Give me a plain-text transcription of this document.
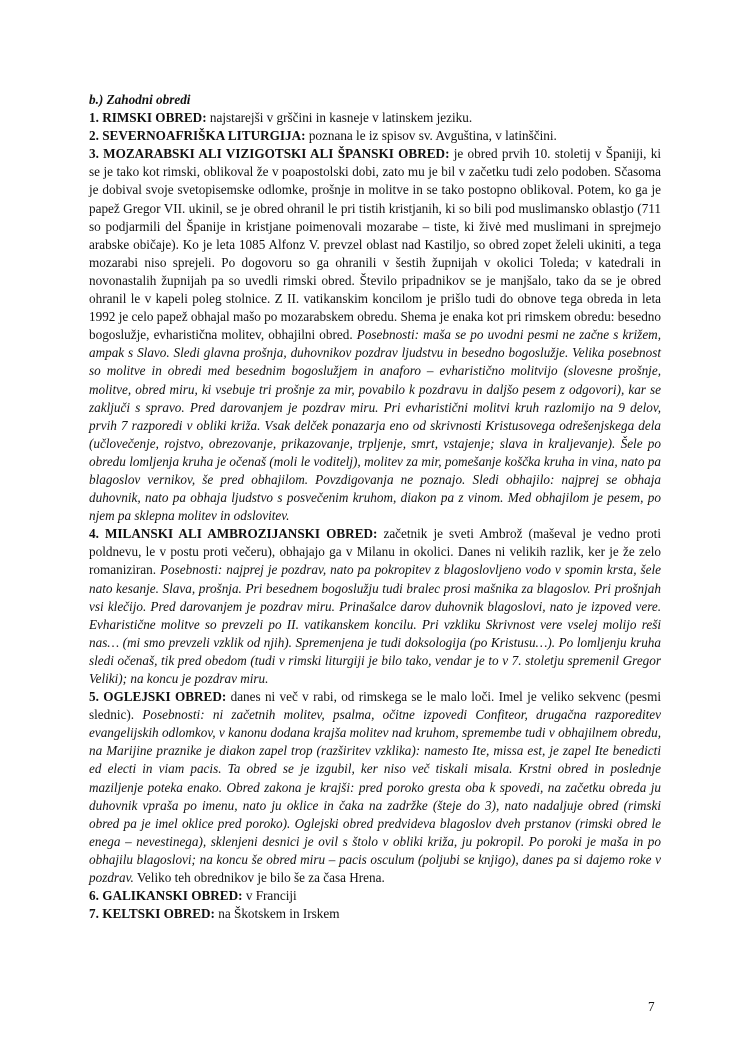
b.) Zahodni obredi

1. RIMSKI OBRED: najstarejši v grščini in kasneje v latinskem jeziku.

2. SEVERNOAFRIŠKA LITURGIJA: poznana le iz spisov sv. Avguština, v latinščini.

3. MOZARABSKI ALI VIZIGOTSKI ALI ŠPANSKI OBRED: je obred prvih 10. stoletij v Španiji, ki se je tako kot rimski, oblikoval že v poapostolski dobi, zato mu je bil v začetku tudi zelo podoben. Sčasoma je dobival svoje svetopisemske odlomke, prošnje in molitve in se tako postopno oblikoval. Potem, ko ga je papež Gregor VII. ukinil, se je obred ohranil le pri tistih kristjanih, ki so bili pod muslimansko oblastjo (711 so podjarmili del Španije in kristjane poimenovali mozarabe – tiste, ki živė med muslimani in sprejmejo arabske običaje). Ko je leta 1085 Alfonz V. prevzel oblast nad Kastiljo, so obred zopet želeli ukiniti, a tega mozarabi niso sprejeli. Po dogovoru so ga ohranili v šestih župnijah v okolici Toleda; v katedrali in novonastalih župnijah pa so uvedli rimski obred. Število pripadnikov se je manjšalo, tako da se je obred ohranil le v kapeli poleg stolnice. Z II. vatikanskim koncilom je prišlo tudi do obnove tega obreda in leta 1992 je celo papež obhajal mašo po mozarabskem obredu. Shema je enaka kot pri rimskem obredu: besedno bogoslužje, evharistična molitev, obhajilni obred. Posebnosti: maša se po uvodni pesmi ne začne s križem, ampak s Slavo. Sledi glavna prošnja, duhovnikov pozdrav ljudstvu in besedno bogoslužje. Velika posebnost so molitve in obredi med besednim bogoslužjem in anaforo – evharistično molitvijo (slovesne prošnje, molitve, obred miru, ki vsebuje tri prošnje za mir, povabilo k pozdravu in daljšo pesem z odgovori), kar se zaključi s spravo. Pred darovanjem je pozdrav miru. Pri evharistični molitvi kruh razlomijo na 9 delov, prvih 7 razporedi v obliki križa. Vsak delček ponazarja eno od skrivnosti Kristusovega odrešenjskega dela (učlovečenje, rojstvo, obrezovanje, prikazovanje, trpljenje, smrt, vstajenje; slava in kraljevanje). Šele po obredu lomljenja kruha je očenaš (moli le voditelj), molitev za mir, pomešanje koščka kruha in vina, nato pa blagoslov vernikov, še pred obhajilom. Povzdigovanja ne poznajo. Sledi obhajilo: najprej se obhaja duhovnik, nato pa obhaja ljudstvo s posvečenim kruhom, diakon pa z vinom. Med obhajilom je pesem, po njem pa sklepna molitev in odslovitev.

4. MILANSKI ALI AMBROZIJANSKI OBRED: začetnik je sveti Ambrož (maševal je vedno proti poldnevu, le v postu proti večeru), obhajajo ga v Milanu in okolici. Danes ni velikih razlik, ker je že zelo romaniziran. Posebnosti: najprej je pozdrav, nato pa pokropitev z blagoslovljeno vodo v spomin krsta, šele nato kesanje. Slava, prošnja. Pri besednem bogoslužju tudi bralec prosi mašnika za blagoslov. Pri prošnjah vsi klečijo. Pred darovanjem je pozdrav miru. Prinašalce darov duhovnik blagoslovi, nato je izpoved vere. Evharistične molitve so prevzeli po II. vatikanskem koncilu. Pri vzkliku Skrivnost vere vselej molijo reši nas… (mi smo prevzeli vzklik od njih). Spremenjena je tudi doksologija (po Kristusu…). Po lomljenju kruha sledi očenaš, tik pred obedom (tudi v rimski liturgiji je bilo tako, vendar je to v 7. stoletju spremenil Gregor Veliki); na koncu je pozdrav miru.

5. OGLEJSKI OBRED: danes ni več v rabi, od rimskega se le malo loči. Imel je veliko sekvenc (pesmi slednic). Posebnosti: ni začetnih molitev, psalma, očitne izpovedi Confiteor, drugačna razporeditev evangelijskih odlomkov, v kanonu dodana krajša molitev nad kruhom, spremembe tudi v obhajilnem obredu, na Marijine praznike je diakon zapel trop (razširitev vzklika): namesto Ite, missa est, je zapel Ite benedicti ed electi in viam pacis. Ta obred se je izgubil, ker niso več tiskali misala. Krstni obred in poslednje maziljenje poteka enako. Obred zakona je krajši: pred poroko gresta oba k spovedi, na začetku obreda ju duhovnik vpraša po imenu, nato ju oklice in čaka na zadržke (šteje do 3), nato nadaljuje obred (rimski obred pa je imel oklice pred poroko). Oglejski obred predvideva blagoslov dveh prstanov (rimski obred le enega – nevestinega), sklenjeni desnici je ovil s štolo v obliki križa, ju pokropil. Po poroki je maša in po obhajilu blagoslovi; na koncu še obred miru – pacis osculum (poljubi se knjigo), danes pa si dajemo roke v pozdrav. Veliko teh obrednikov je bilo še za časa Hrena.

6. GALIKANSKI OBRED: v Franciji

7. KELTSKI OBRED: na Škotskem in Irskem

7
